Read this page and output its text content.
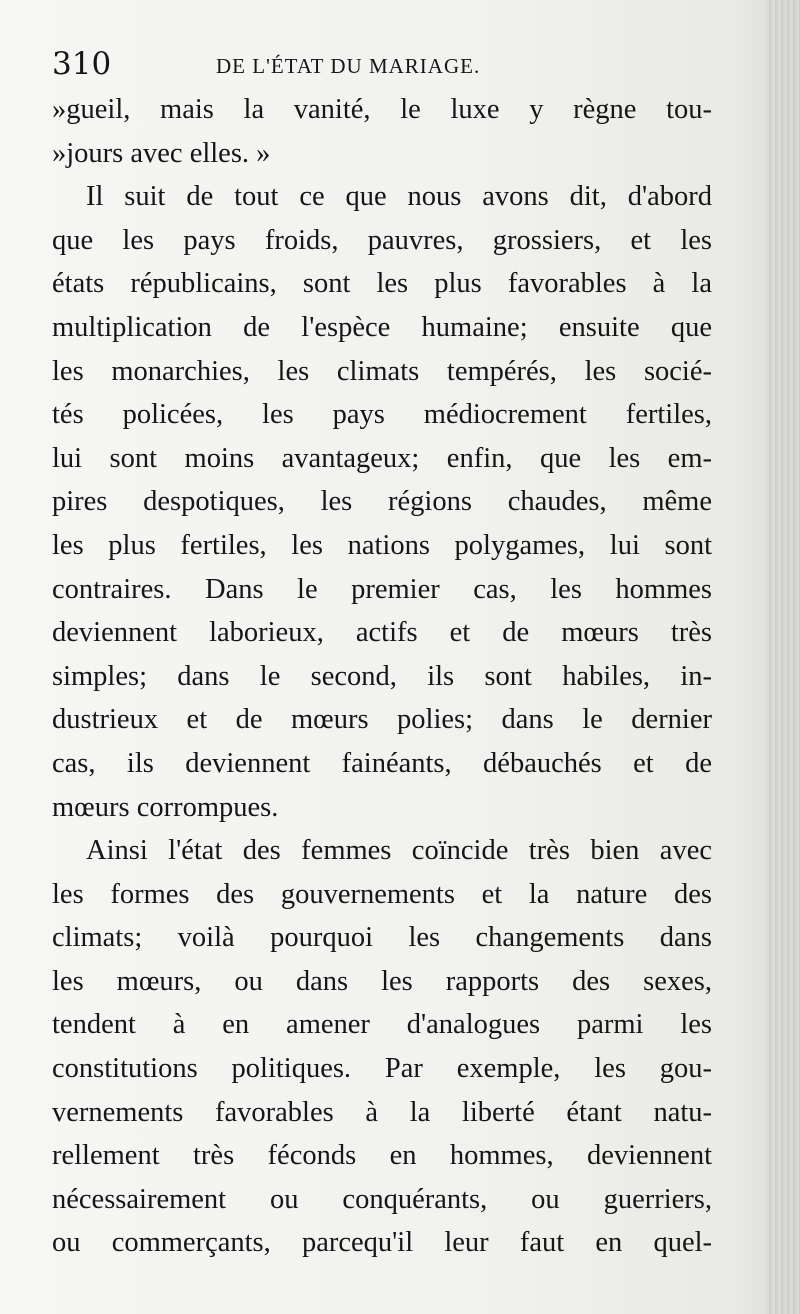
310	DE L'ÉTAT DU MARIAGE.
»gueil, mais la vanité, le luxe y règne tou-
»jours avec elles. »
Il suit de tout ce que nous avons dit, d'abord
que les pays froids, pauvres, grossiers, et les
états républicains, sont les plus favorables à la
multiplication de l'espèce humaine; ensuite que
les monarchies, les climats tempérés, les socié-
tés policées, les pays médiocrement fertiles,
lui sont moins avantageux; enfin, que les em-
pires despotiques, les régions chaudes, même
les plus fertiles, les nations polygames, lui sont
contraires. Dans le premier cas, les hommes
deviennent laborieux, actifs et de mœurs très
simples; dans le second, ils sont habiles, in-
dustrieux et de mœurs polies; dans le dernier
cas, ils deviennent fainéants, débauchés et de
mœurs corrompues.
Ainsi l'état des femmes coïncide très bien avec
les formes des gouvernements et la nature des
climats; voilà pourquoi les changements dans
les mœurs, ou dans les rapports des sexes,
tendent à en amener d'analogues parmi les
constitutions politiques. Par exemple, les gou-
vernements favorables à la liberté étant natu-
rellement très féconds en hommes, deviennent
nécessairement ou conquérants, ou guerriers,
ou commerçants, parcequ'il leur faut en quel-
